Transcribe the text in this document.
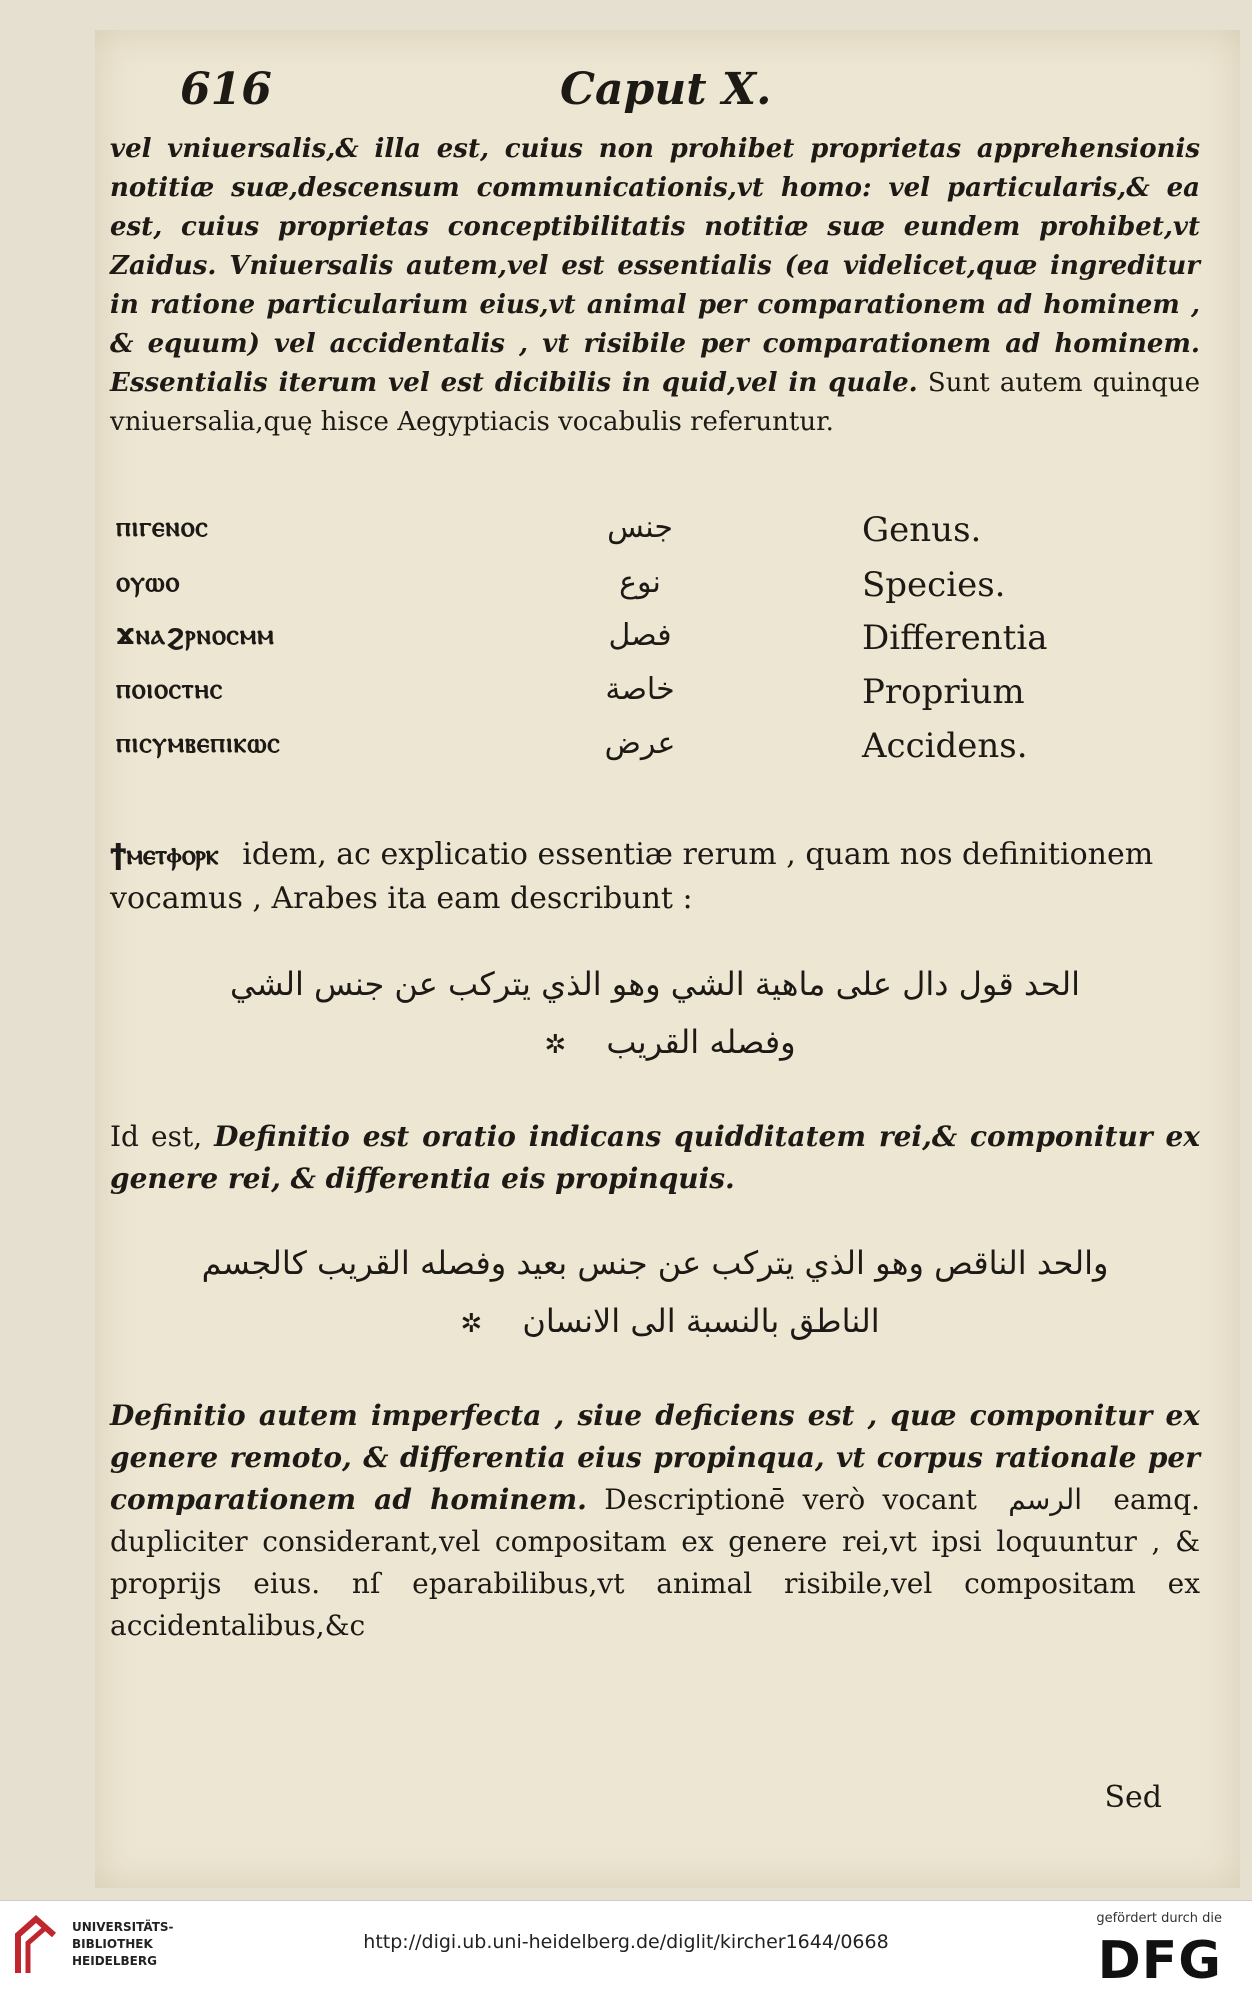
616	Caput X.

vel vniuersalis,& illa est, cuius non prohibet proprietas apprehensionis notitiæ suæ,descensum communicationis,vt homo: vel particularis,& ea est, cuius proprietas conceptibilitatis notitiæ suæ eundem prohibet,vt Zaidus. Vniuersalis autem,vel est essentialis (ea videlicet,quæ ingreditur in ratione particularium eius,vt animal per comparationem ad hominem , & equum) vel accidentalis , vt risibile per comparationem ad hominem. Essentialis iterum vel est dicibilis in quid,vel in quale. Sunt autem quinque vniuersalia,quę hisce Aegyptiacis vocabulis referuntur.

ⲡⲓⲅⲉⲛⲟⲥ	جنس	Genus.
ⲟⲩⲱⲟ	نوع	Species.
ϫⲛⲁϩⲣⲛⲟⲥⲙⲙ	فصل	Differentia
ⲡⲟⲓⲟⲥⲧⲏⲥ	خاصة	Proprium
ⲡⲓⲥⲩⲙⲃⲉⲡⲓⲕⲱⲥ	عرض	Accidens.

ϯⲙⲉⲧⲫⲟⲣⲕ idem, ac explicatio essentiæ rerum , quam nos definitionem vocamus , Arabes ita eam describunt :

الحد قول دال على ماهية الشي وهو الذي يتركب عن جنس الشي
✲ وفصله القريب

Id est, Definitio est oratio indicans quidditatem rei,& componitur ex genere rei, & differentia eis propinquis.

والحد الناقص وهو الذي يتركب عن جنس بعيد وفصله القريب كالجسم
✲ الناطق بالنسبة الى الانسان

Definitio autem imperfecta , siue deficiens est , quæ componitur ex genere remoto, & differentia eius propinqua, vt corpus rationale per comparationem ad hominem. Descriptionē verò vocant الرسم eamq. dupliciter considerant,vel compositam ex genere rei,vt ipsi loquuntur , & proprijs eius. nſ eparabilibus,vt animal risibile,vel compositam ex accidentalibus,&c

Sed
UNIVERSITÄTS-
BIBLIOTHEK
HEIDELBERG
http://digi.ub.uni-heidelberg.de/diglit/kircher1644/0668
gefördert durch die
DFG
